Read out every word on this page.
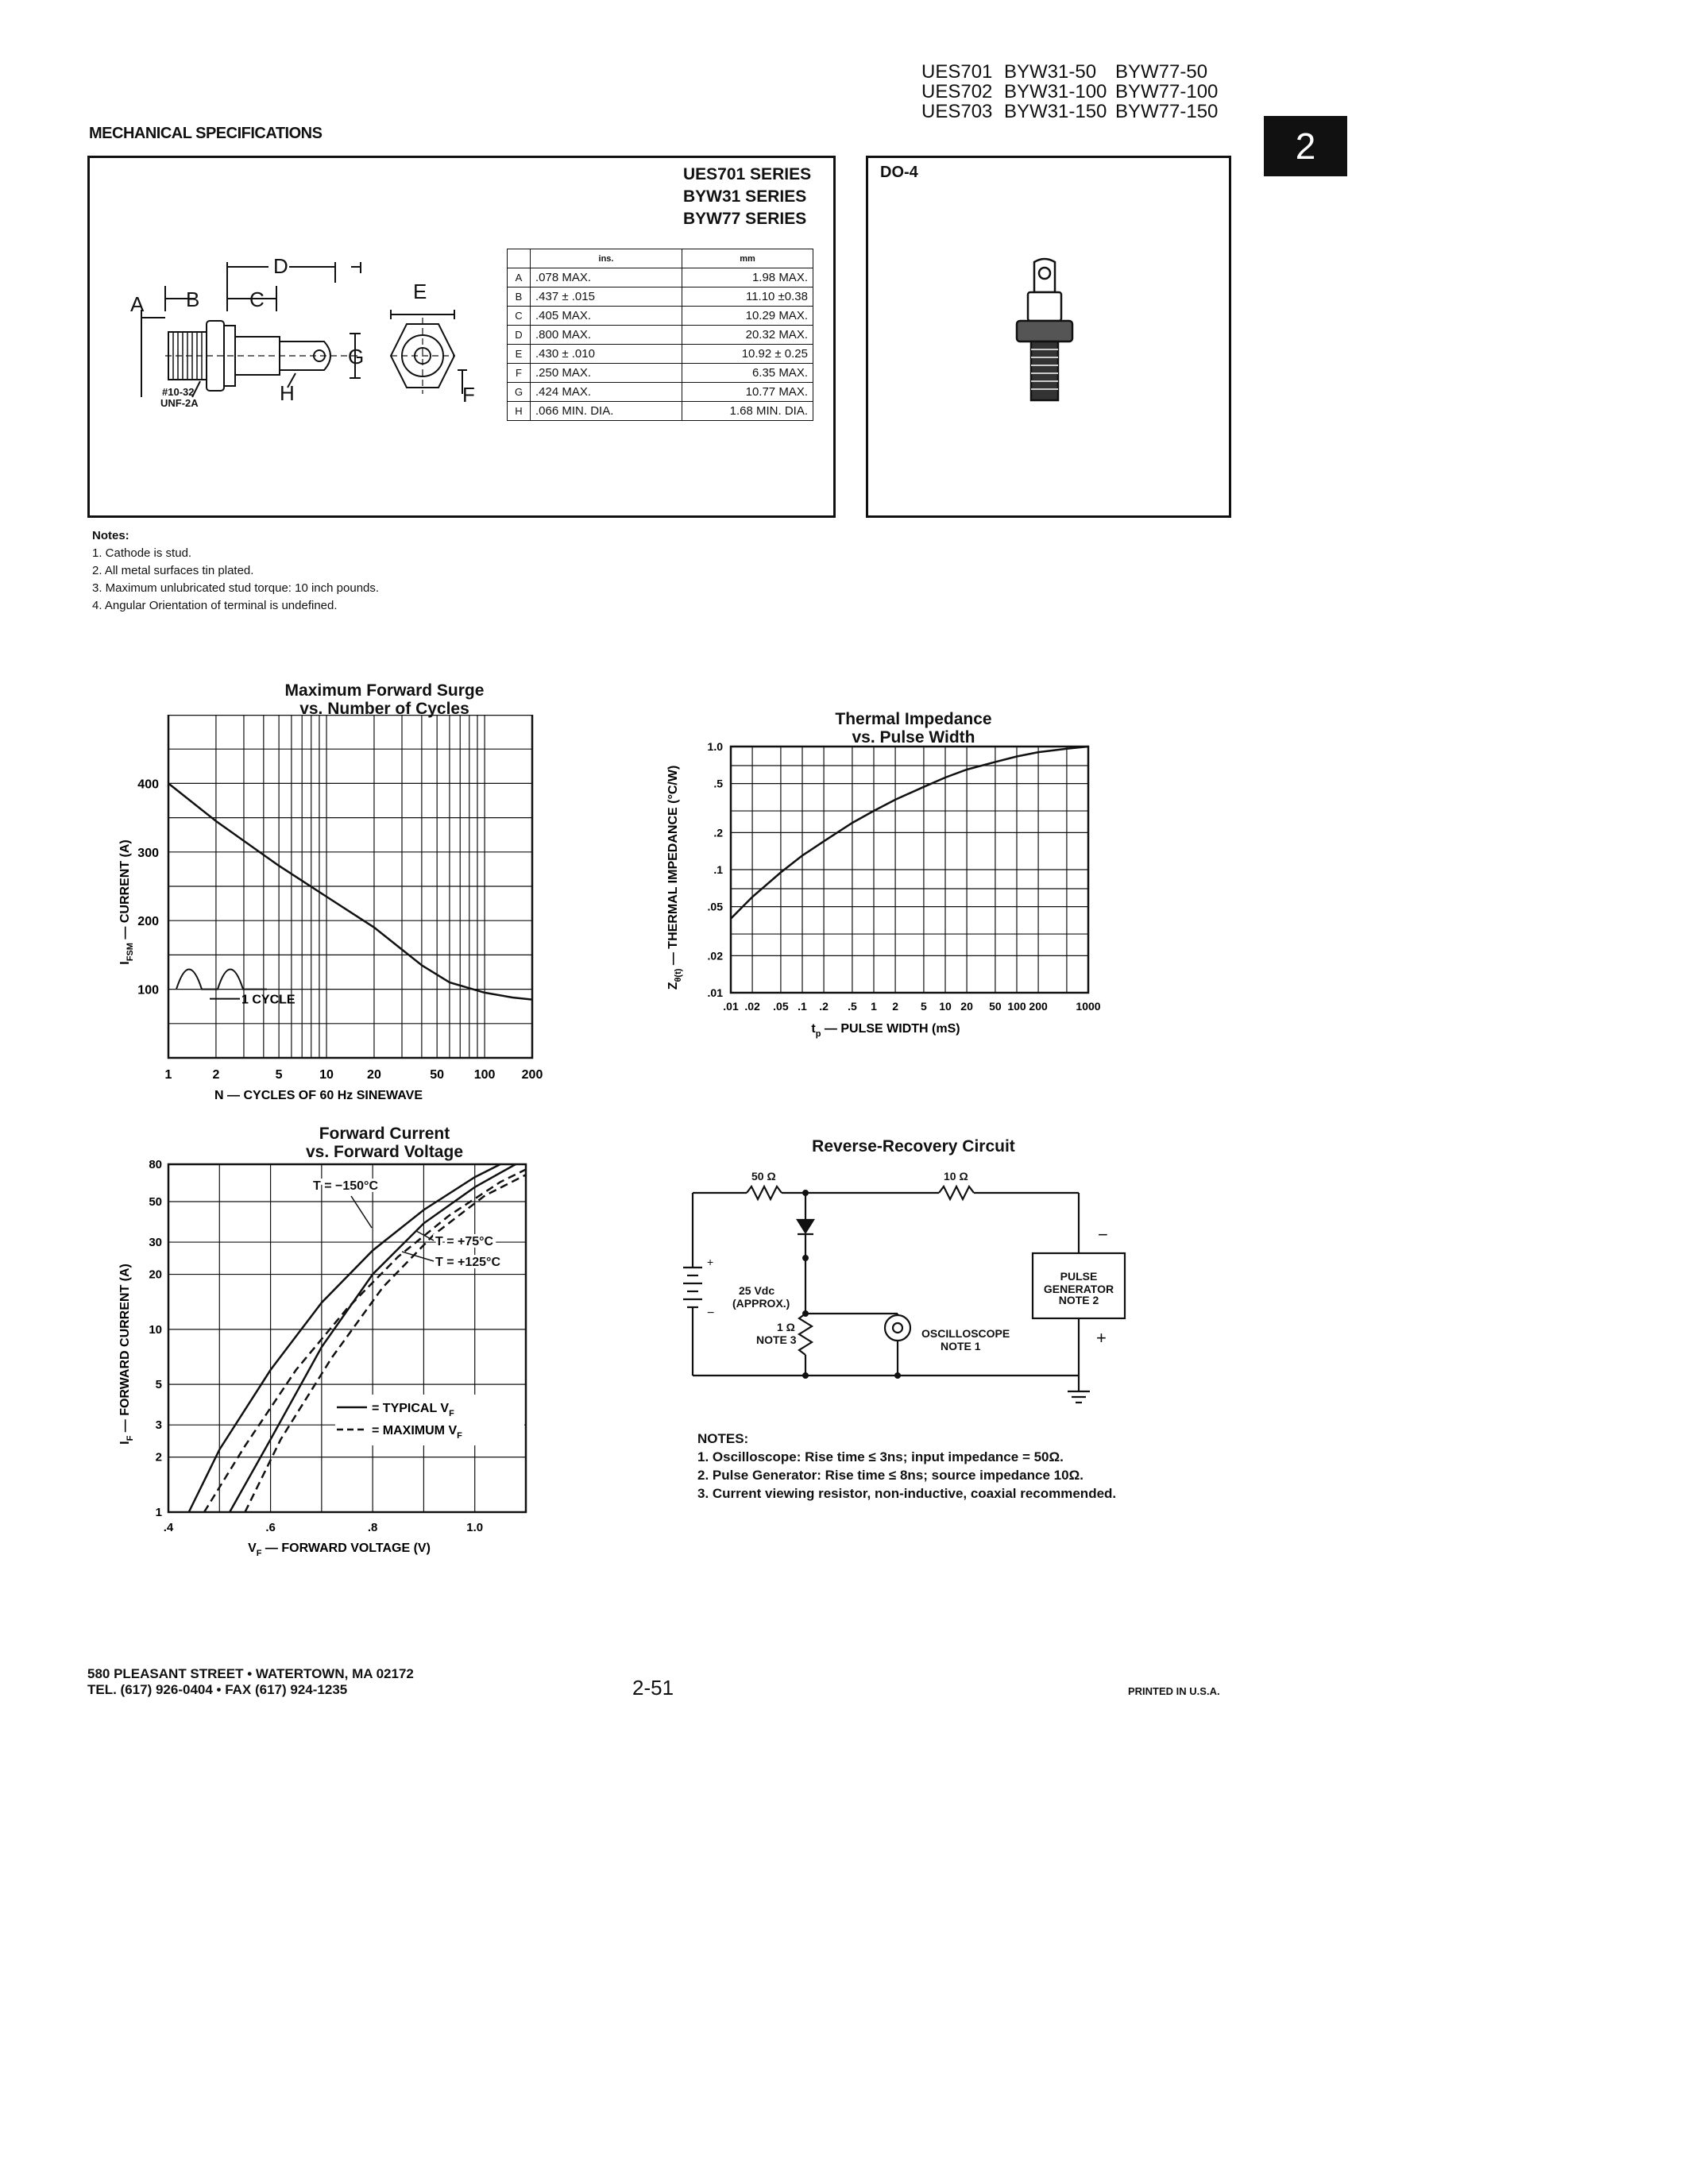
UES701 BYW31-50 BYW77-50
UES702 BYW31-100 BYW77-100
UES703 BYW31-150 BYW77-150
2
MECHANICAL SPECIFICATIONS
UES701 SERIES
BYW31 SERIES
BYW77 SERIES
DO-4
A B C
D
E
F
G
H
#10-32
UNF-2A
	ins.	mm
A	.078 MAX.	1.98 MAX.
B	.437 ± .015	11.10 ±0.38
C	.405 MAX.	10.29 MAX.
D	.800 MAX.	20.32 MAX.
E	.430 ± .010	10.92 ± 0.25
F	.250 MAX.	6.35 MAX.
G	.424 MAX.	10.77 MAX.
H	.066 MIN. DIA.	1.68 MIN. DIA.
Notes:
1. Cathode is stud.
2. All metal surfaces tin plated.
3. Maximum unlubricated stud torque: 10 inch pounds.
4. Angular Orientation of terminal is undefined.
Maximum Forward Surge
vs. Number of Cycles
1	2	5	10	20	50 100 200
100
200
300
400
1 CYCLE
N — CYCLES OF 60 Hz SINEWAVE
$I_{FSM}$ — CURRENT (A)
Thermal Impedance
vs. Pulse Width
.01 .02 .05 .1 .2 .5 1 2 5 10 20 50 100 200	1000
.01
.02
.05
.1
.2
.5
1.0
$t_p$ — PULSE WIDTH (mS)
$Z_{\theta(t)}$ — THERMAL IMPEDANCE (°C/W)
Forward Current
vs. Forward Voltage
.4	.6	.8	1.0
1
2
3
5
10
20
30
50
80
= TYPICAL $V_F$
= MAXIMUM $V_F$
T = −150°C
T = +75°C
T = +125°C
$V_F$ — FORWARD VOLTAGE (V)
$I_F$ — FORWARD CURRENT (A)
Reverse-Recovery Circuit
50 Ω	10 Ω
25 Vdc
(APPROX.)
1 Ω
NOTE 3	OSCILLOSCOPE
NOTE 1
PULSE
GENERATOR
NOTE 2
−
+
+
−
NOTES:
1. Oscilloscope: Rise time ≤ 3ns; input impedance = 50Ω.
2. Pulse Generator: Rise time ≤ 8ns; source impedance 10Ω.
3. Current viewing resistor, non-inductive, coaxial recommended.
580 PLEASANT STREET • WATERTOWN, MA 02172
TEL. (617) 926-0404 • FAX (617) 924-1235	2-51	PRINTED IN U.S.A.
